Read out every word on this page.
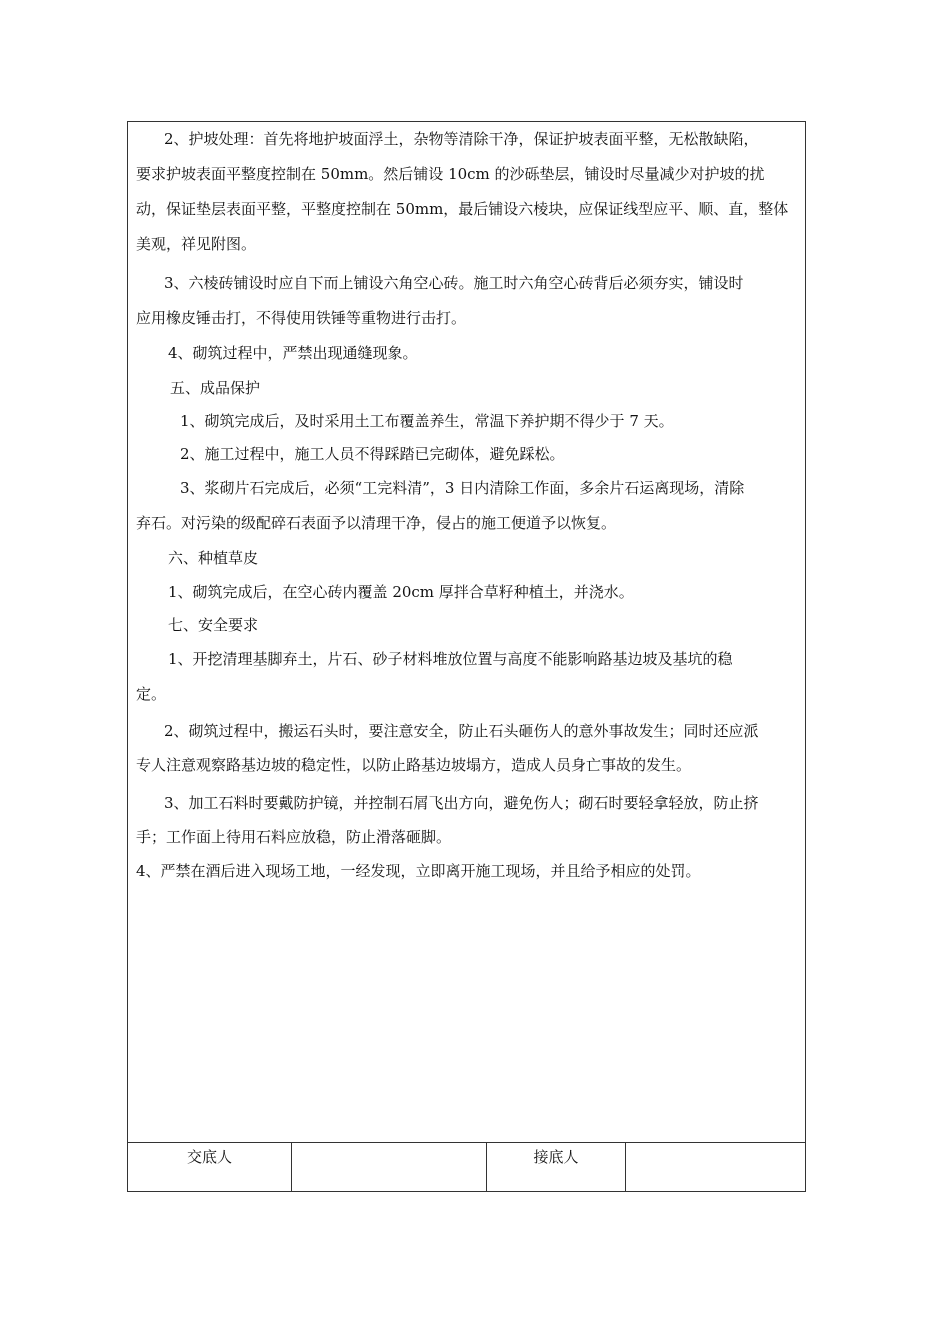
2、护坡处理：首先将地护坡面浮土，杂物等清除干净，保证护坡表面平整，无松散缺陷，
要求护坡表面平整度控制在 50mm。然后铺设 10cm 的沙砾垫层，铺设时尽量减少对护坡的扰
动，保证垫层表面平整，平整度控制在 50mm，最后铺设六棱块，应保证线型应平、顺、直，整体
美观，祥见附图。
3、六棱砖铺设时应自下而上铺设六角空心砖。施工时六角空心砖背后必须夯实，铺设时
应用橡皮锤击打，不得使用铁锤等重物进行击打。
4、砌筑过程中，严禁出现通缝现象。
五、成品保护
1、砌筑完成后，及时采用土工布覆盖养生，常温下养护期不得少于 7 天。
2、施工过程中，施工人员不得踩踏已完砌体，避免踩松。
3、浆砌片石完成后，必须“工完料清”，3 日内清除工作面，多余片石运离现场，清除
弃石。对污染的级配碎石表面予以清理干净，侵占的施工便道予以恢复。
六、种植草皮
1、砌筑完成后，在空心砖内覆盖 20cm 厚拌合草籽种植土，并浇水。
七、安全要求
1、开挖清理基脚弃土，片石、砂子材料堆放位置与高度不能影响路基边坡及基坑的稳
定。
2、砌筑过程中，搬运石头时，要注意安全，防止石头砸伤人的意外事故发生；同时还应派
专人注意观察路基边坡的稳定性，以防止路基边坡塌方，造成人员身亡事故的发生。
3、加工石料时要戴防护镜，并控制石屑飞出方向，避免伤人；砌石时要轻拿轻放，防止挤
手；工作面上待用石料应放稳，防止滑落砸脚。
4、严禁在酒后进入现场工地，一经发现，立即离开施工现场，并且给予相应的处罚。
交底人	接底人
